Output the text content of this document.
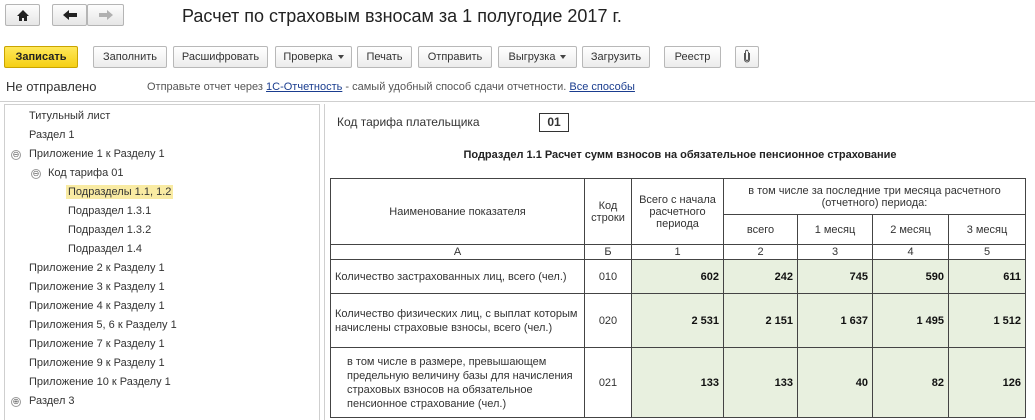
Расчет по страховым взносам за 1 полугодие 2017 г.
Записать	Заполнить Расшифровать Проверка	Печать Отправить Выгрузка	Загрузить	Реестр
Не отправлено	Отправьте отчет через 1С-Отчетность - самый удобный способ сдачи отчетности. Все способы
Титульный лист
Раздел 1
⊖ Приложение 1 к Разделу 1
⊖ Код тарифа 01
Подразделы 1.1, 1.2
Подраздел 1.3.1
Подраздел 1.3.2
Подраздел 1.4
Приложение 2 к Разделу 1
Приложение 3 к Разделу 1
Приложение 4 к Разделу 1
Приложения 5, 6 к Разделу 1
Приложение 7 к Разделу 1
Приложение 9 к Разделу 1
Приложение 10 к Разделу 1
⊕ Раздел 3
Код тарифа плательщика	01
Подраздел 1.1 Расчет сумм взносов на обязательное пенсионное страхование
Наименование показателя	Код строки	Всего с начала расчетного периода	в том числе за последние три месяца расчетного (отчетного) периода:			
			всего	1 месяц	2 месяц	3 месяц
А	Б	1	2	3	4	5
Количество застрахованных лиц, всего (чел.)	010	602	242	745	590	611
Количество физических лиц, с выплат которым начислены страховые взносы, всего (чел.)	020	2 531	2 151	1 637	1 495	1 512
в том числе в размере, превышающем предельную величину базы для начисления страховых взносов на обязательное пенсионное страхование (чел.)	021	133	133	40	82	126
